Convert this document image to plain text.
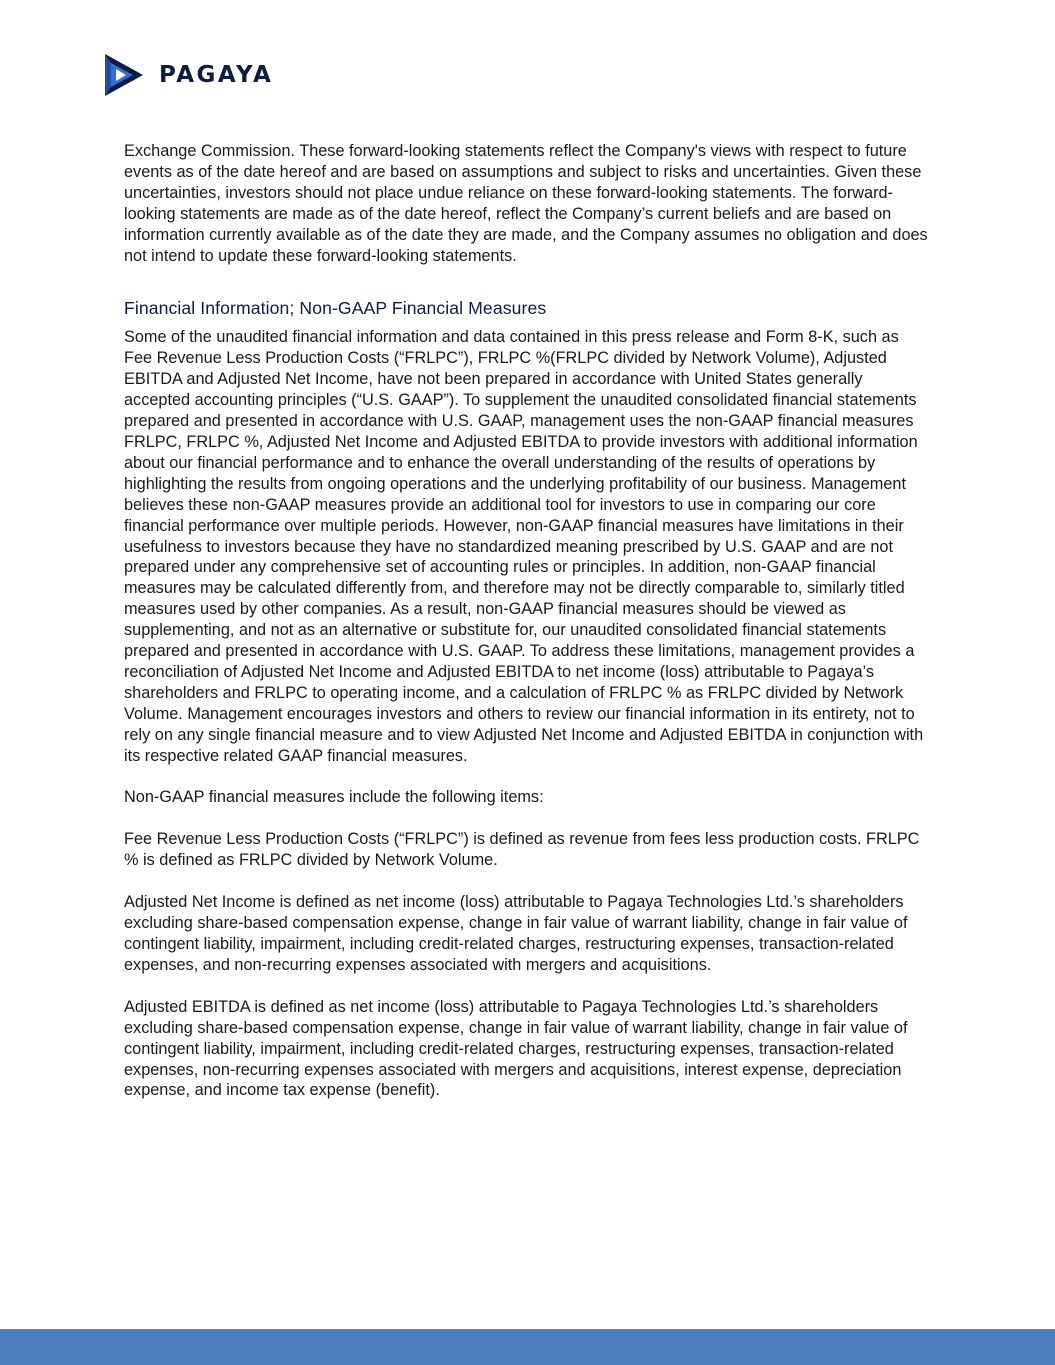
PAGAYA

Exchange Commission. These forward-looking statements reflect the Company's views with respect to future events as of the date hereof and are based on assumptions and subject to risks and uncertainties. Given these uncertainties, investors should not place undue reliance on these forward-looking statements. The forward-looking statements are made as of the date hereof, reflect the Company’s current beliefs and are based on information currently available as of the date they are made, and the Company assumes no obligation and does not intend to update these forward-looking statements.

Financial Information; Non-GAAP Financial Measures

Some of the unaudited financial information and data contained in this press release and Form 8-K, such as Fee Revenue Less Production Costs (“FRLPC”), FRLPC %(FRLPC divided by Network Volume), Adjusted EBITDA and Adjusted Net Income, have not been prepared in accordance with United States generally accepted accounting principles (“U.S. GAAP”). To supplement the unaudited consolidated financial statements prepared and presented in accordance with U.S. GAAP, management uses the non-GAAP financial measures FRLPC, FRLPC %, Adjusted Net Income and Adjusted EBITDA to provide investors with additional information about our financial performance and to enhance the overall understanding of the results of operations by highlighting the results from ongoing operations and the underlying profitability of our business. Management believes these non-GAAP measures provide an additional tool for investors to use in comparing our core financial performance over multiple periods. However, non-GAAP financial measures have limitations in their usefulness to investors because they have no standardized meaning prescribed by U.S. GAAP and are not prepared under any comprehensive set of accounting rules or principles. In addition, non-GAAP financial measures may be calculated differently from, and therefore may not be directly comparable to, similarly titled measures used by other companies. As a result, non-GAAP financial measures should be viewed as supplementing, and not as an alternative or substitute for, our unaudited consolidated financial statements prepared and presented in accordance with U.S. GAAP. To address these limitations, management provides a reconciliation of Adjusted Net Income and Adjusted EBITDA to net income (loss) attributable to Pagaya’s shareholders and FRLPC to operating income, and a calculation of FRLPC % as FRLPC divided by Network Volume. Management encourages investors and others to review our financial information in its entirety, not to rely on any single financial measure and to view Adjusted Net Income and Adjusted EBITDA in conjunction with its respective related GAAP financial measures.

Non-GAAP financial measures include the following items:

Fee Revenue Less Production Costs (“FRLPC”) is defined as revenue from fees less production costs. FRLPC % is defined as FRLPC divided by Network Volume.

Adjusted Net Income is defined as net income (loss) attributable to Pagaya Technologies Ltd.’s shareholders excluding share-based compensation expense, change in fair value of warrant liability, change in fair value of contingent liability, impairment, including credit-related charges, restructuring expenses, transaction-related expenses, and non-recurring expenses associated with mergers and acquisitions.

Adjusted EBITDA is defined as net income (loss) attributable to Pagaya Technologies Ltd.’s shareholders excluding share-based compensation expense, change in fair value of warrant liability, change in fair value of contingent liability, impairment, including credit-related charges, restructuring expenses, transaction-related expenses, non-recurring expenses associated with mergers and acquisitions, interest expense, depreciation expense, and income tax expense (benefit).
